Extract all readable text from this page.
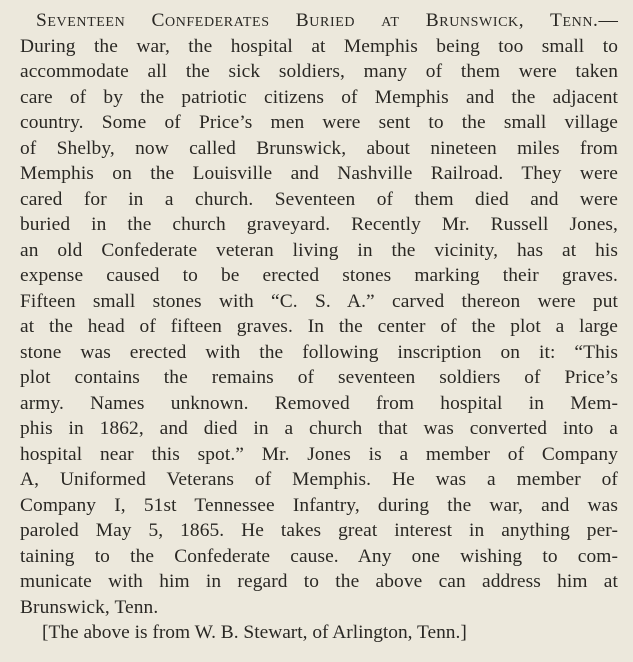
Seventeen Confederates Buried at Brunswick, Tenn.—
During the war, the hospital at Memphis being too small to
accommodate all the sick soldiers, many of them were taken
care of by the patriotic citizens of Memphis and the adjacent
country. Some of Price’s men were sent to the small village
of Shelby, now called Brunswick, about nineteen miles from
Memphis on the Louisville and Nashville Railroad. They were
cared for in a church. Seventeen of them died and were
buried in the church graveyard. Recently Mr. Russell Jones,
an old Confederate veteran living in the vicinity, has at his
expense caused to be erected stones marking their graves.
Fifteen small stones with “C. S. A.” carved thereon were put
at the head of fifteen graves. In the center of the plot a large
stone was erected with the following inscription on it: “This
plot contains the remains of seventeen soldiers of Price’s
army. Names unknown. Removed from hospital in Mem-
phis in 1862, and died in a church that was converted into a
hospital near this spot.” Mr. Jones is a member of Company
A, Uniformed Veterans of Memphis. He was a member of
Company I, 51st Tennessee Infantry, during the war, and was
paroled May 5, 1865. He takes great interest in anything per-
taining to the Confederate cause. Any one wishing to com-
municate with him in regard to the above can address him at
Brunswick, Tenn.
[The above is from W. B. Stewart, of Arlington, Tenn.]
